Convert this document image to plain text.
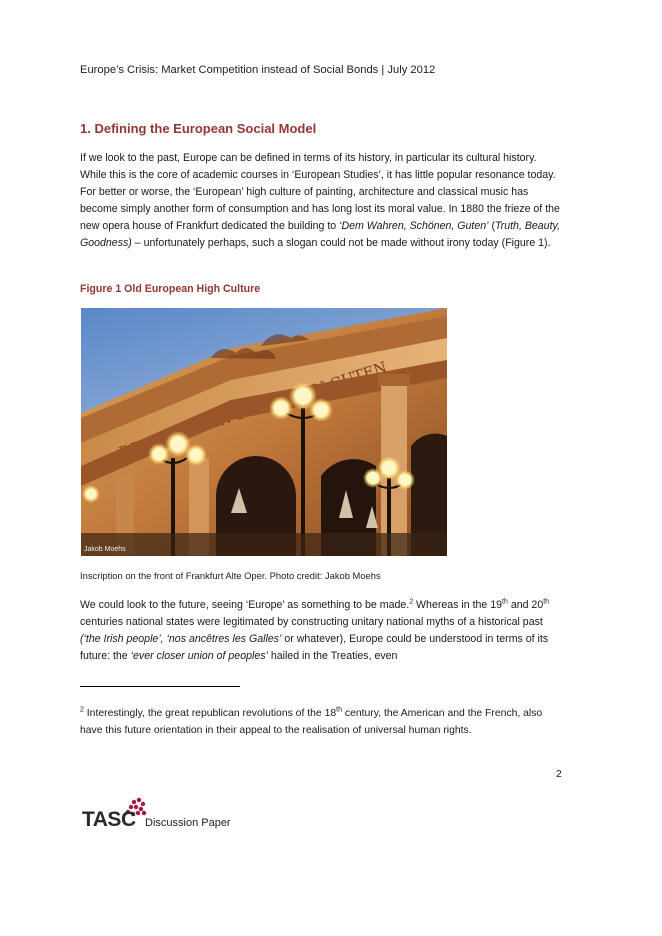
Europe’s Crisis: Market Competition instead of Social Bonds | July 2012
1. Defining the European Social Model
If we look to the past, Europe can be defined in terms of its history, in particular its cultural history. While this is the core of academic courses in ‘European Studies’, it has little popular resonance today. For better or worse, the ‘European’ high culture of painting, architecture and classical music has become simply another form of consumption and has long lost its moral value. In 1880 the frieze of the new opera house of Frankfurt dedicated the building to ‘Dem Wahren, Schönen, Guten’ (Truth, Beauty, Goodness) – unfortunately perhaps, such a slogan could not be made without irony today (Figure 1).
Figure 1 Old European High Culture
Jakob Moehs
Inscription on the front of Frankfurt Alte Oper. Photo credit: Jakob Moehs
We could look to the future, seeing ‘Europe’ as something to be made.$^2$ Whereas in the 19th and 20th centuries national states were legitimated by constructing unitary national myths of a historical past (‘the Irish people’, ‘nos ancêtres les Galles’ or whatever), Europe could be understood in terms of its future: the ‘ever closer union of peoples’ hailed in the Treaties, even
$^2$ Interestingly, the great republican revolutions of the 18th century, the American and the French, also have this future orientation in their appeal to the realisation of universal human rights.
2
TASC Discussion Paper
